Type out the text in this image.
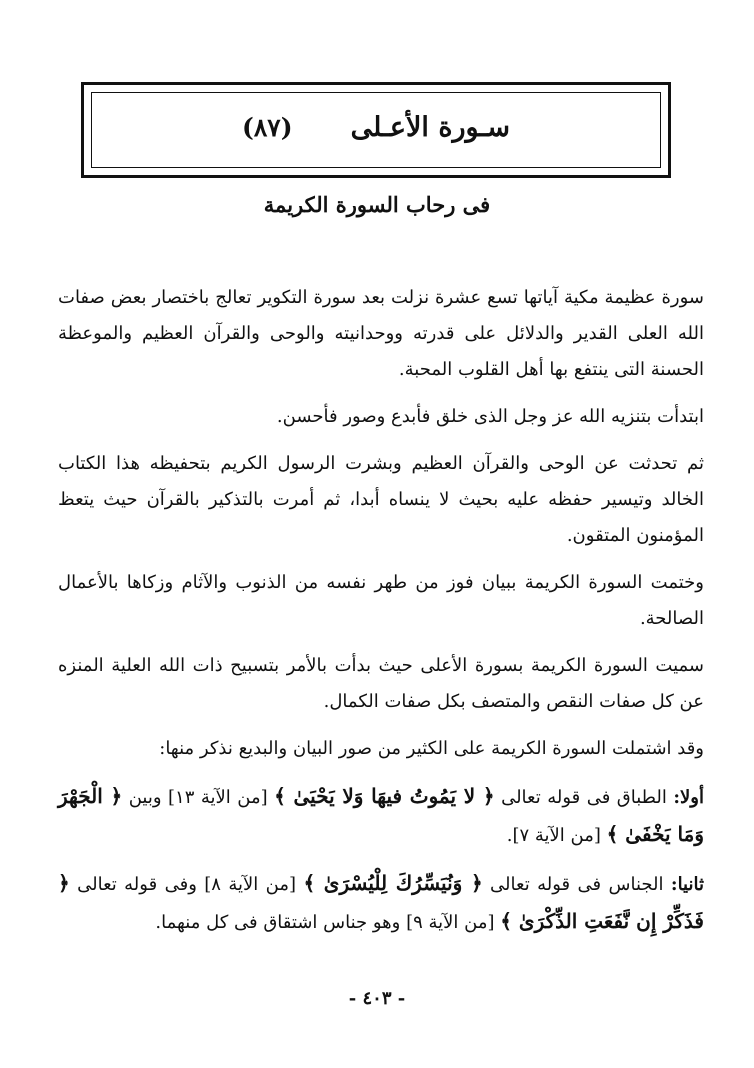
سـورة الأعـلى
(٨٧)
فى رحاب السورة الكريمة

سورة عظيمة مكية آياتها تسع عشرة نزلت بعد سورة التكوير تعالج باختصار بعض صفات الله العلى القدير والدلائل على قدرته ووحدانيته والوحى والقرآن العظيم والموعظة الحسنة التى ينتفع بها أهل القلوب المحبة.

ابتدأت بتنزيه الله عز وجل الذى خلق فأبدع وصور فأحسن.

ثم تحدثت عن الوحى والقرآن العظيم وبشرت الرسول الكريم بتحفيظه هذا الكتاب الخالد وتيسير حفظه عليه بحيث لا ينساه أبدا، ثم أمرت بالتذكير بالقرآن حيث يتعظ المؤمنون المتقون.

وختمت السورة الكريمة ببيان فوز من طهر نفسه من الذنوب والآثام وزكاها بالأعمال الصالحة.

سميت السورة الكريمة بسورة الأعلى حيث بدأت بالأمر بتسبيح ذات الله العلية المنزه عن كل صفات النقص والمتصف بكل صفات الكمال.

وقد اشتملت السورة الكريمة على الكثير من صور البيان والبديع نذكر منها:

أولا: الطباق فى قوله تعالى ﴿ لا يَمُوتُ فيهَا وَلا يَحْيَىٰ ﴾ [من الآية ١٣] وبين ﴿ الْجَهْرَ وَمَا يَخْفَىٰ ﴾ [من الآية ٧].

ثانيا: الجناس فى قوله تعالى ﴿ وَنُيَسِّرُكَ لِلْيُسْرَىٰ ﴾ [من الآية ٨] وفى قوله تعالى ﴿ فَذَكِّرْ إِن نَّفَعَتِ الذِّكْرَىٰ ﴾ [من الآية ٩] وهو جناس اشتقاق فى كل منهما.

- ٤٠٣ -
